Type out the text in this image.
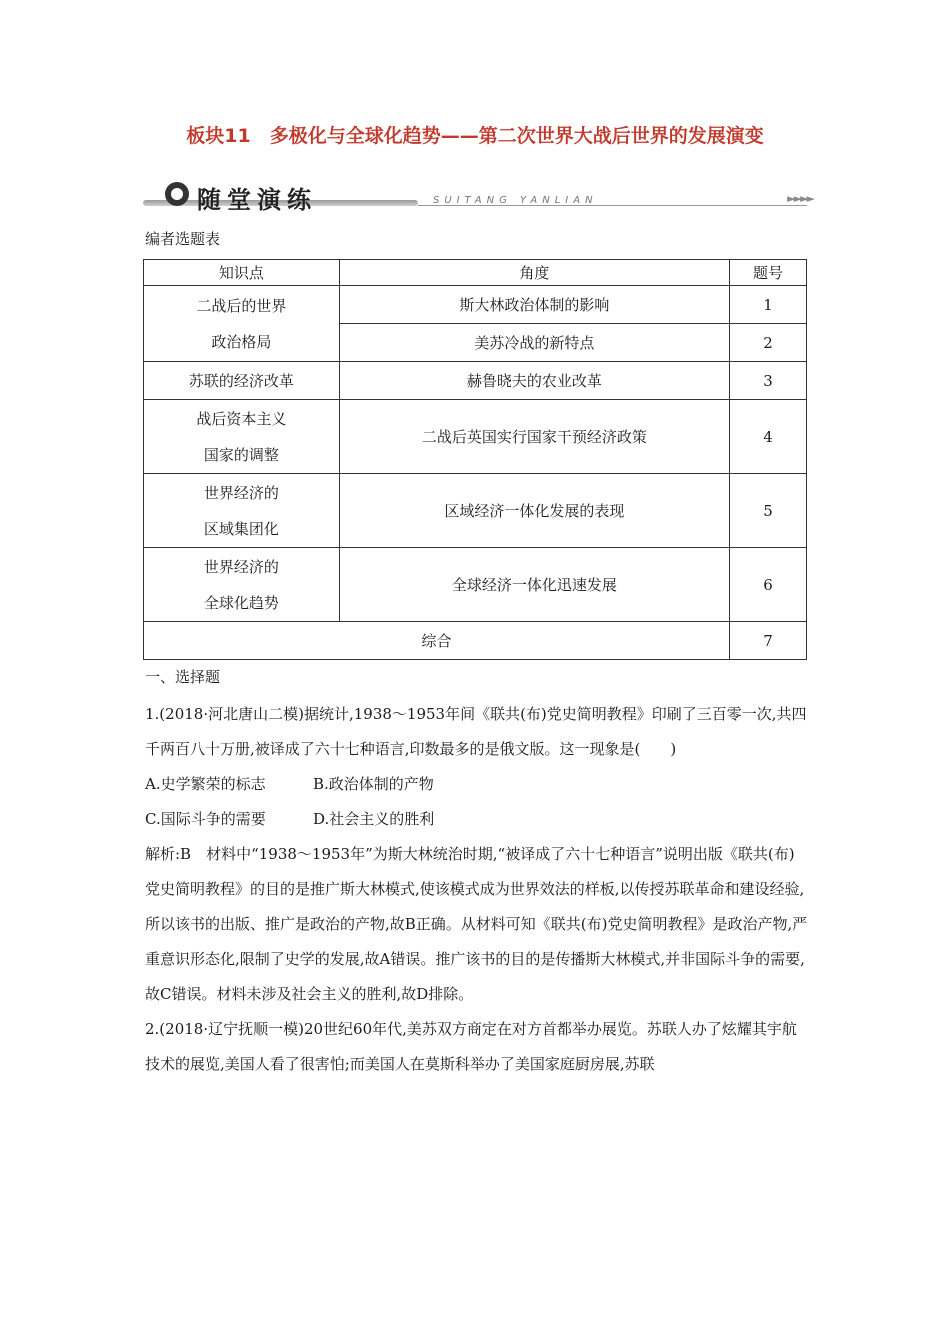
板块11　多极化与全球化趋势——第二次世界大战后世界的发展演变
随堂演练	SUITANG YANLIAN	►►►►
编者选题表
知识点	角度	题号

二战后的世界
政治格局	斯大林政治体制的影响	1
	美苏冷战的新特点	2
苏联的经济改革	赫鲁晓夫的农业改革	3

战后资本主义
国家的调整	二战后英国实行国家干预经济政策	4

世界经济的
区域集团化	区域经济一体化发展的表现	5

世界经济的
全球化趋势	全球经济一体化迅速发展	6
综合		7
一、选择题

1.(2018·河北唐山二模)据统计,1938～1953年间《联共(布)党史简明教程》印刷了三百零一次,共四千两百八十万册,被译成了六十七种语言,印数最多的是俄文版。这一现象是(　　)

A.史学繁荣的标志	B.政治体制的产物

C.国际斗争的需要	D.社会主义的胜利

解析:B　材料中“1938～1953年”为斯大林统治时期,“被译成了六十七种语言”说明出版《联共(布)党史简明教程》的目的是推广斯大林模式,使该模式成为世界效法的样板,以传授苏联革命和建设经验,所以该书的出版、推广是政治的产物,故B正确。从材料可知《联共(布)党史简明教程》是政治产物,严重意识形态化,限制了史学的发展,故A错误。推广该书的目的是传播斯大林模式,并非国际斗争的需要,故C错误。材料未涉及社会主义的胜利,故D排除。

2.(2018·辽宁抚顺一模)20世纪60年代,美苏双方商定在对方首都举办展览。苏联人办了炫耀其宇航技术的展览,美国人看了很害怕;而美国人在莫斯科举办了美国家庭厨房展,苏联
